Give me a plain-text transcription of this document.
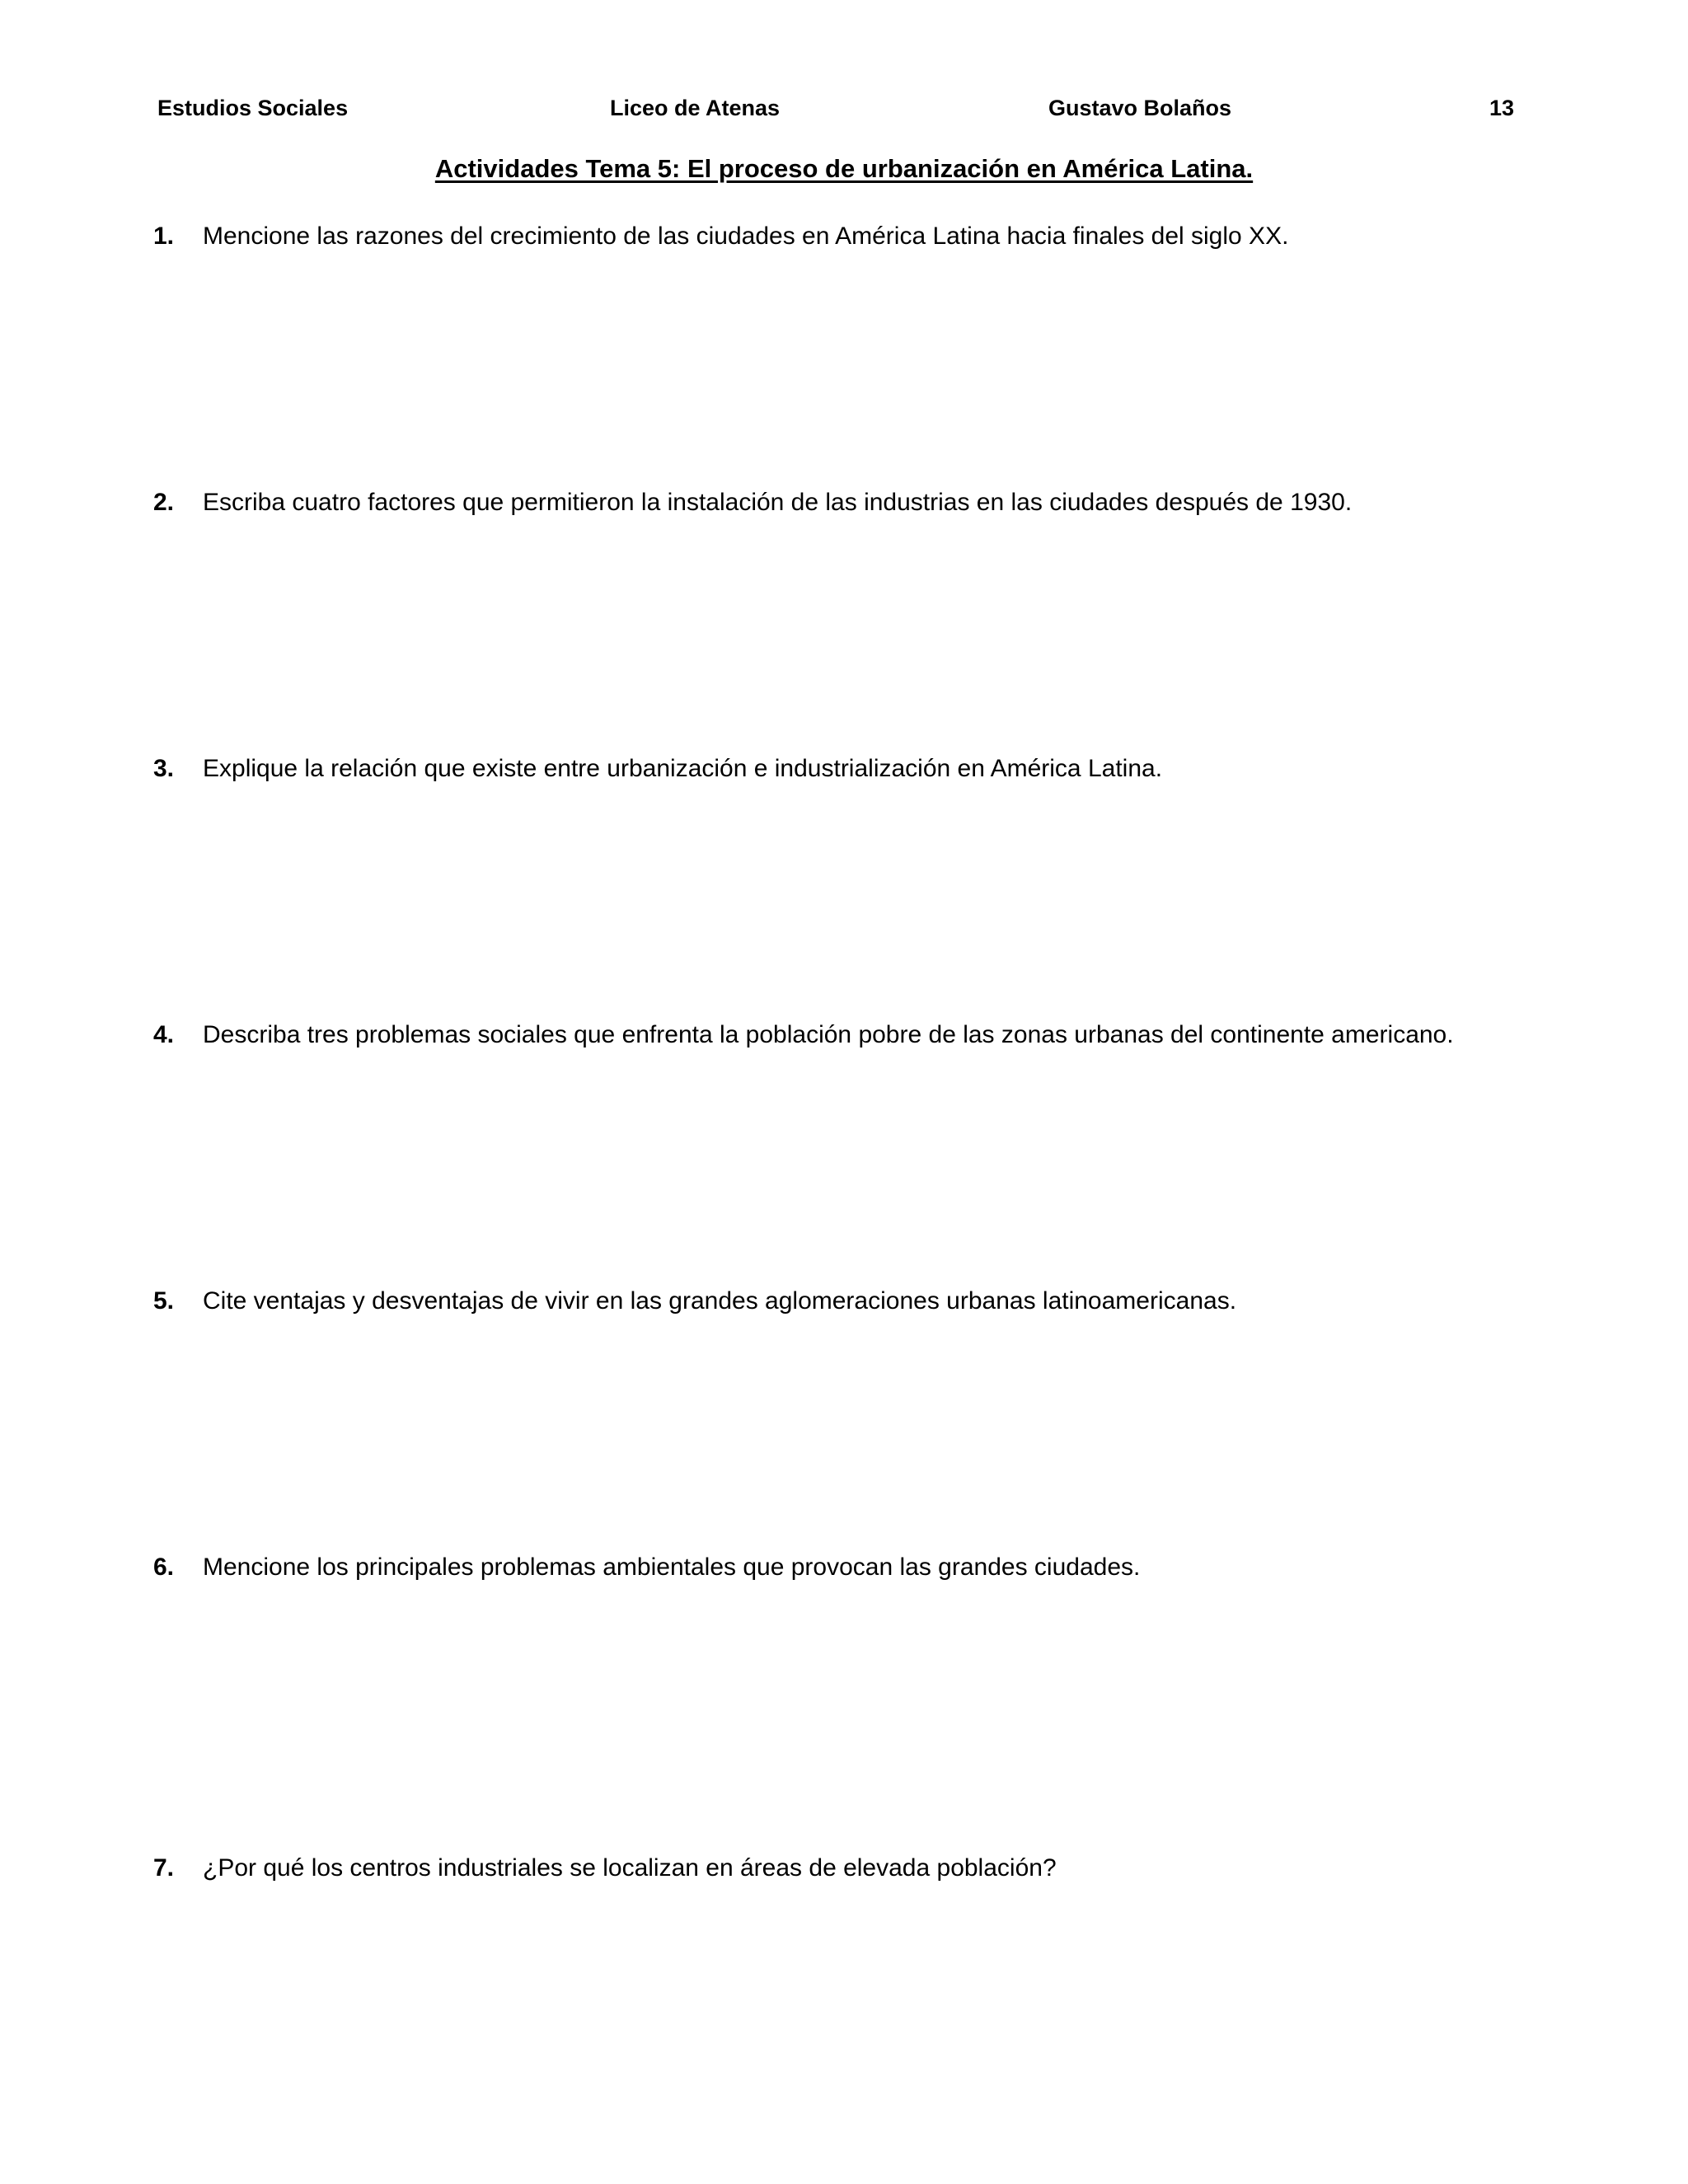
Estudios Sociales	Liceo de Atenas	Gustavo Bolaños	13
Actividades Tema 5: El proceso de urbanización en América Latina.
1. Mencione las razones del crecimiento de las ciudades en América Latina hacia finales del siglo XX.
2. Escriba cuatro factores que permitieron la instalación de las industrias en las ciudades después de 1930.
3. Explique la relación que existe entre urbanización e industrialización en América Latina.
4. Describa tres problemas sociales que enfrenta la población pobre de las zonas urbanas del continente americano.
5. Cite ventajas y desventajas de vivir en las grandes aglomeraciones urbanas latinoamericanas.
6. Mencione los principales problemas ambientales que provocan las grandes ciudades.
7. ¿Por qué los centros industriales se localizan en áreas de elevada población?
